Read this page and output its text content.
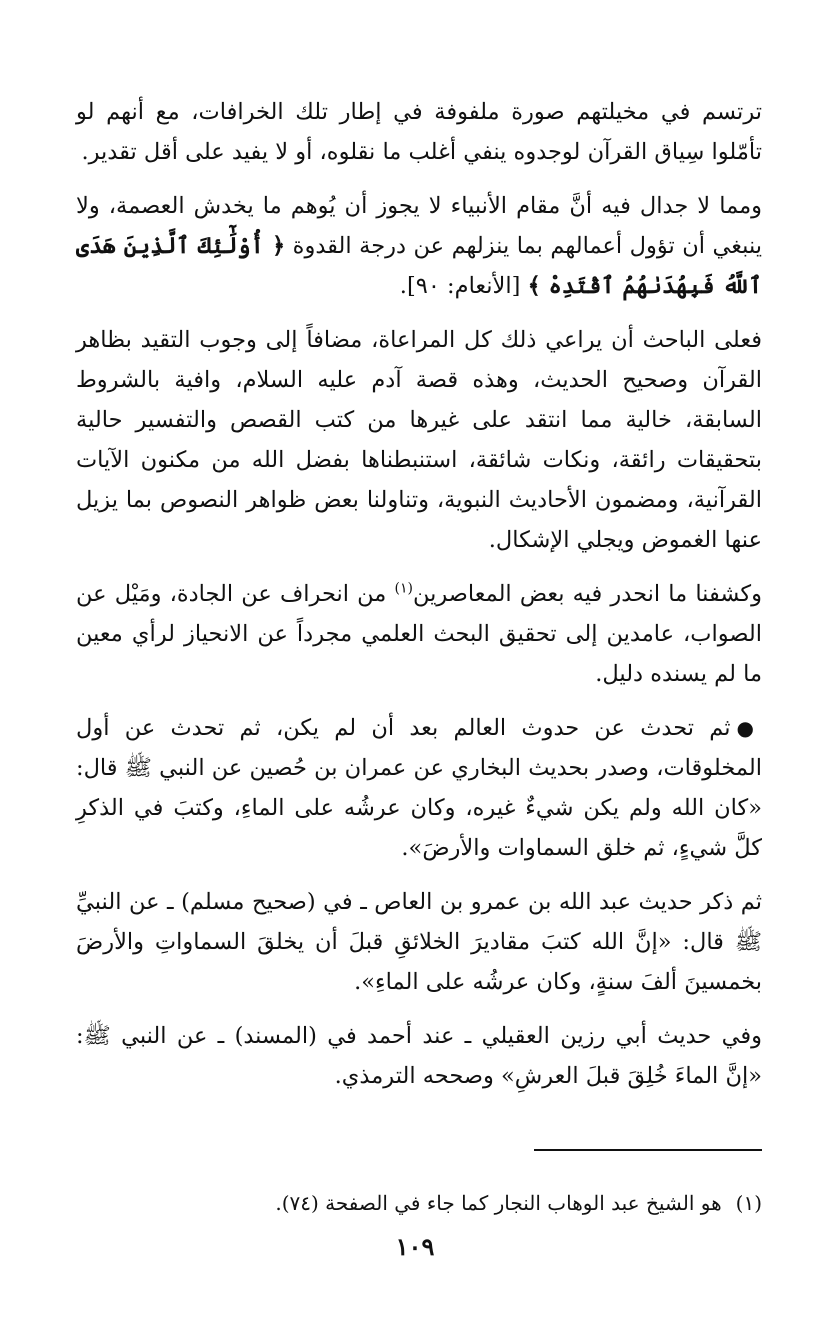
ترتسم في مخيلتهم صورة ملفوفة في إطار تلك الخرافات، مع أنهم لو تأمّلوا سِياق القرآن لوجدوه ينفي أغلب ما نقلوه، أو لا يفيد على أقل تقدير.

ومما لا جدال فيه أنَّ مقام الأنبياء لا يجوز أن يُوهم ما يخدش العصمة، ولا ينبغي أن تؤول أعمالهم بما ينزلهم عن درجة القدوة ﴿ أُوْلَٰٓئِكَ ٱلَّذِينَ هَدَى ٱللَّهُ فَبِهُدَىٰهُمُ ٱقْتَدِهْ ﴾ [الأنعام: ٩٠].

فعلى الباحث أن يراعي ذلك كل المراعاة، مضافاً إلى وجوب التقيد بظاهر القرآن وصحيح الحديث، وهذه قصة آدم عليه السلام، وافية بالشروط السابقة، خالية مما انتقد على غيرها من كتب القصص والتفسير حالية بتحقيقات رائقة، ونكات شائقة، استنبطناها بفضل الله من مكنون الآيات القرآنية، ومضمون الأحاديث النبوية، وتناولنا بعض ظواهر النصوص بما يزيل عنها الغموض ويجلي الإشكال.

وكشفنا ما انحدر فيه بعض المعاصرين$^{(١)}$ من انحراف عن الجادة، ومَيْل عن الصواب، عامدين إلى تحقيق البحث العلمي مجرداً عن الانحياز لرأي معين ما لم يسنده دليل.

●ثم تحدث عن حدوث العالم بعد أن لم يكن، ثم تحدث عن أول المخلوقات، وصدر بحديث البخاري عن عمران بن حُصين عن النبي ﷺ قال: «كان الله ولم يكن شيءٌ غيره، وكان عرشُه على الماءِ، وكتبَ في الذكرِ كلَّ شيءٍ، ثم خلق السماوات والأرضَ».

ثم ذكر حديث عبد الله بن عمرو بن العاص ـ في (صحيح مسلم) ـ عن النبيِّ ﷺ قال: «إنَّ الله كتبَ مقاديرَ الخلائقِ قبلَ أن يخلقَ السماواتِ والأرضَ بخمسينَ ألفَ سنةٍ، وكان عرشُه على الماءِ».

وفي حديث أبي رزين العقيلي ـ عند أحمد في (المسند) ـ عن النبي ﷺ: «إنَّ الماءَ خُلِقَ قبلَ العرشِ» وصححه الترمذي.

(١)هو الشيخ عبد الوهاب النجار كما جاء في الصفحة (٧٤).
١٠٩
